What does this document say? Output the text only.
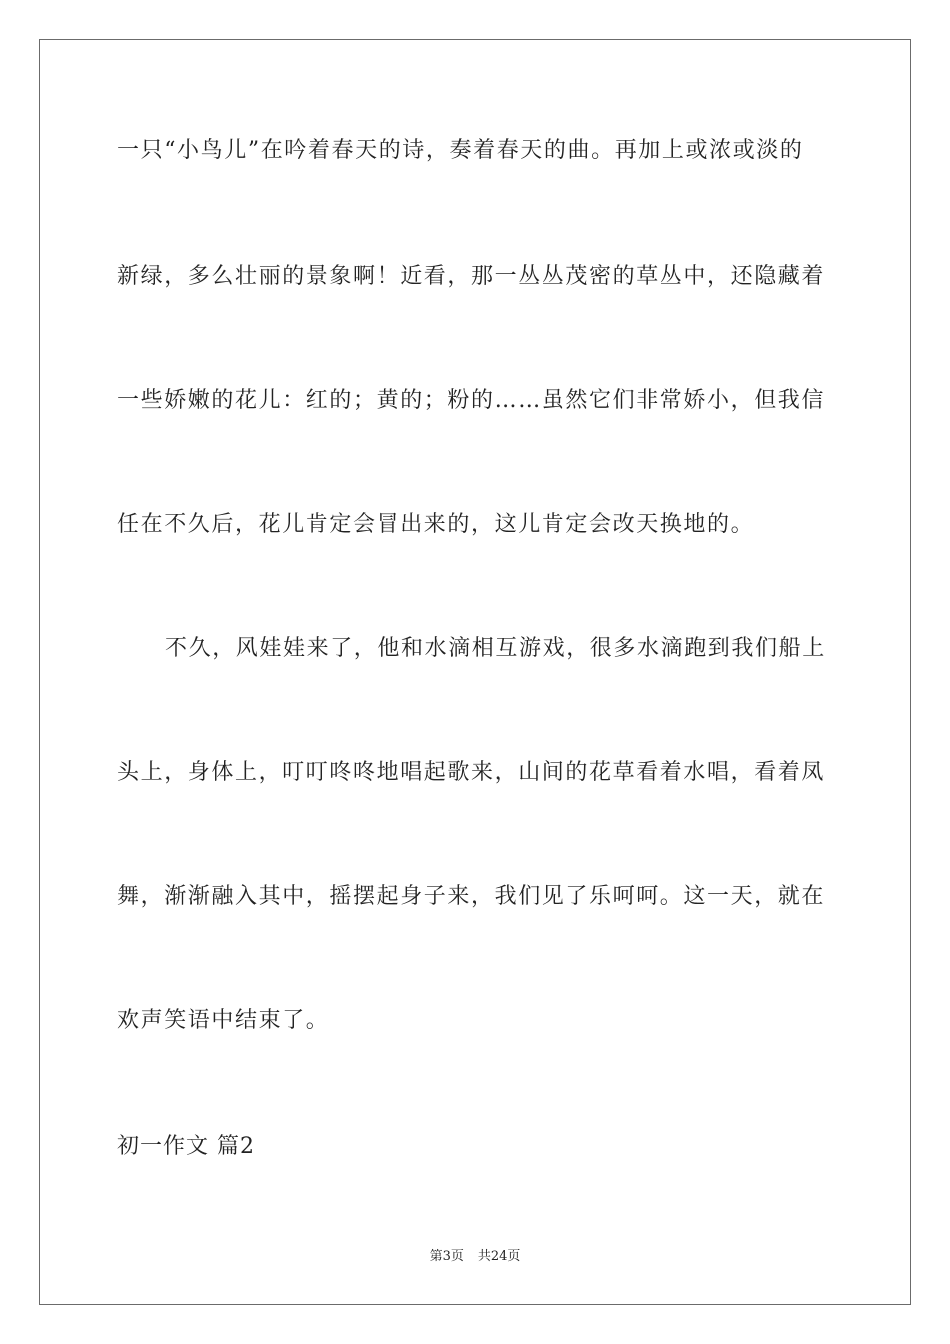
一只“小鸟儿”在吟着春天的诗，奏着春天的曲。再加上或浓或淡的
新绿，多么壮丽的景象啊！近看，那一丛丛茂密的草丛中，还隐藏着
一些娇嫩的花儿：红的；黄的；粉的……虽然它们非常娇小，但我信
任在不久后，花儿肯定会冒出来的，这儿肯定会改天换地的。
不久，风娃娃来了，他和水滴相互游戏，很多水滴跑到我们船上
头上，身体上，叮叮咚咚地唱起歌来，山间的花草看着水唱，看着凤
舞，渐渐融入其中，摇摆起身子来，我们见了乐呵呵。这一天，就在
欢声笑语中结束了。
初一作文 篇2
第3页 共24页
